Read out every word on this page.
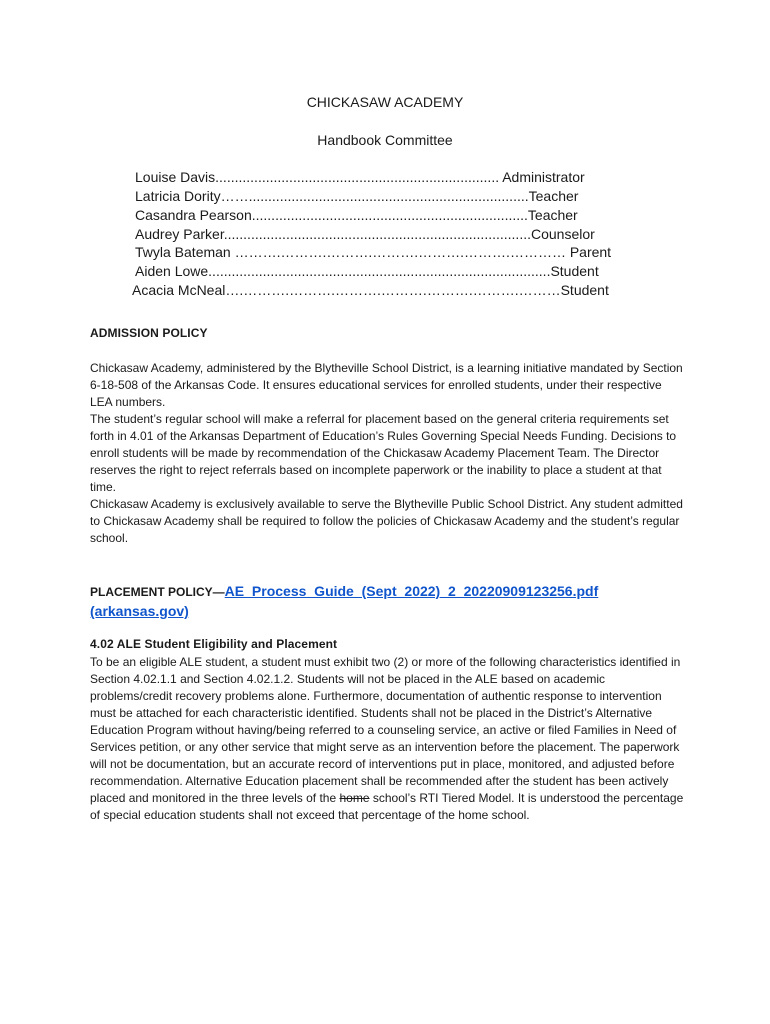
CHICKASAW ACADEMY
Handbook Committee
Louise Davis......................................................................... Administrator
Latricia Dority……........................................................................Teacher
Casandra Pearson.......................................................................Teacher
Audrey Parker...............................................................................Counselor
Twyla Bateman ……….……….……….……….……….……….………… Parent
Aiden Lowe........................................................................................Student
Acacia McNeal….……….……….……….……….……….……….………Student
ADMISSION POLICY

Chickasaw Academy, administered by the Blytheville School District, is a learning initiative mandated by Section 6-18-508 of the Arkansas Code. It ensures educational services for enrolled students, under their respective LEA numbers.

The student’s regular school will make a referral for placement based on the general criteria requirements set forth in 4.01 of the Arkansas Department of Education’s Rules Governing Special Needs Funding. Decisions to enroll students will be made by recommendation of the Chickasaw Academy Placement Team. The Director reserves the right to reject referrals based on incomplete paperwork or the inability to place a student at that time.

Chickasaw Academy is exclusively available to serve the Blytheville Public School District. Any student admitted to Chickasaw Academy shall be required to follow the policies of Chickasaw Academy and the student’s regular school.

PLACEMENT POLICY—AE_Process_Guide_(Sept_2022)_2_20220909123256.pdf
(arkansas.gov)
4.02 ALE Student Eligibility and Placement
To be an eligible ALE student, a student must exhibit two (2) or more of the following characteristics identified in Section 4.02.1.1 and Section 4.02.1.2. Students will not be placed in the ALE based on academic problems/credit recovery problems alone. Furthermore, documentation of authentic response to intervention must be attached for each characteristic identified. Students shall not be placed in the District’s Alternative Education Program without having/being referred to a counseling service, an active or filed Families in Need of Services petition, or any other service that might serve as an intervention before the placement. The paperwork will not be documentation, but an accurate record of interventions put in place, monitored, and adjusted before recommendation. Alternative Education placement shall be recommended after the student has been actively placed and monitored in the three levels of the home school’s RTI Tiered Model. It is understood the percentage of special education students shall not exceed that percentage of the home school.
